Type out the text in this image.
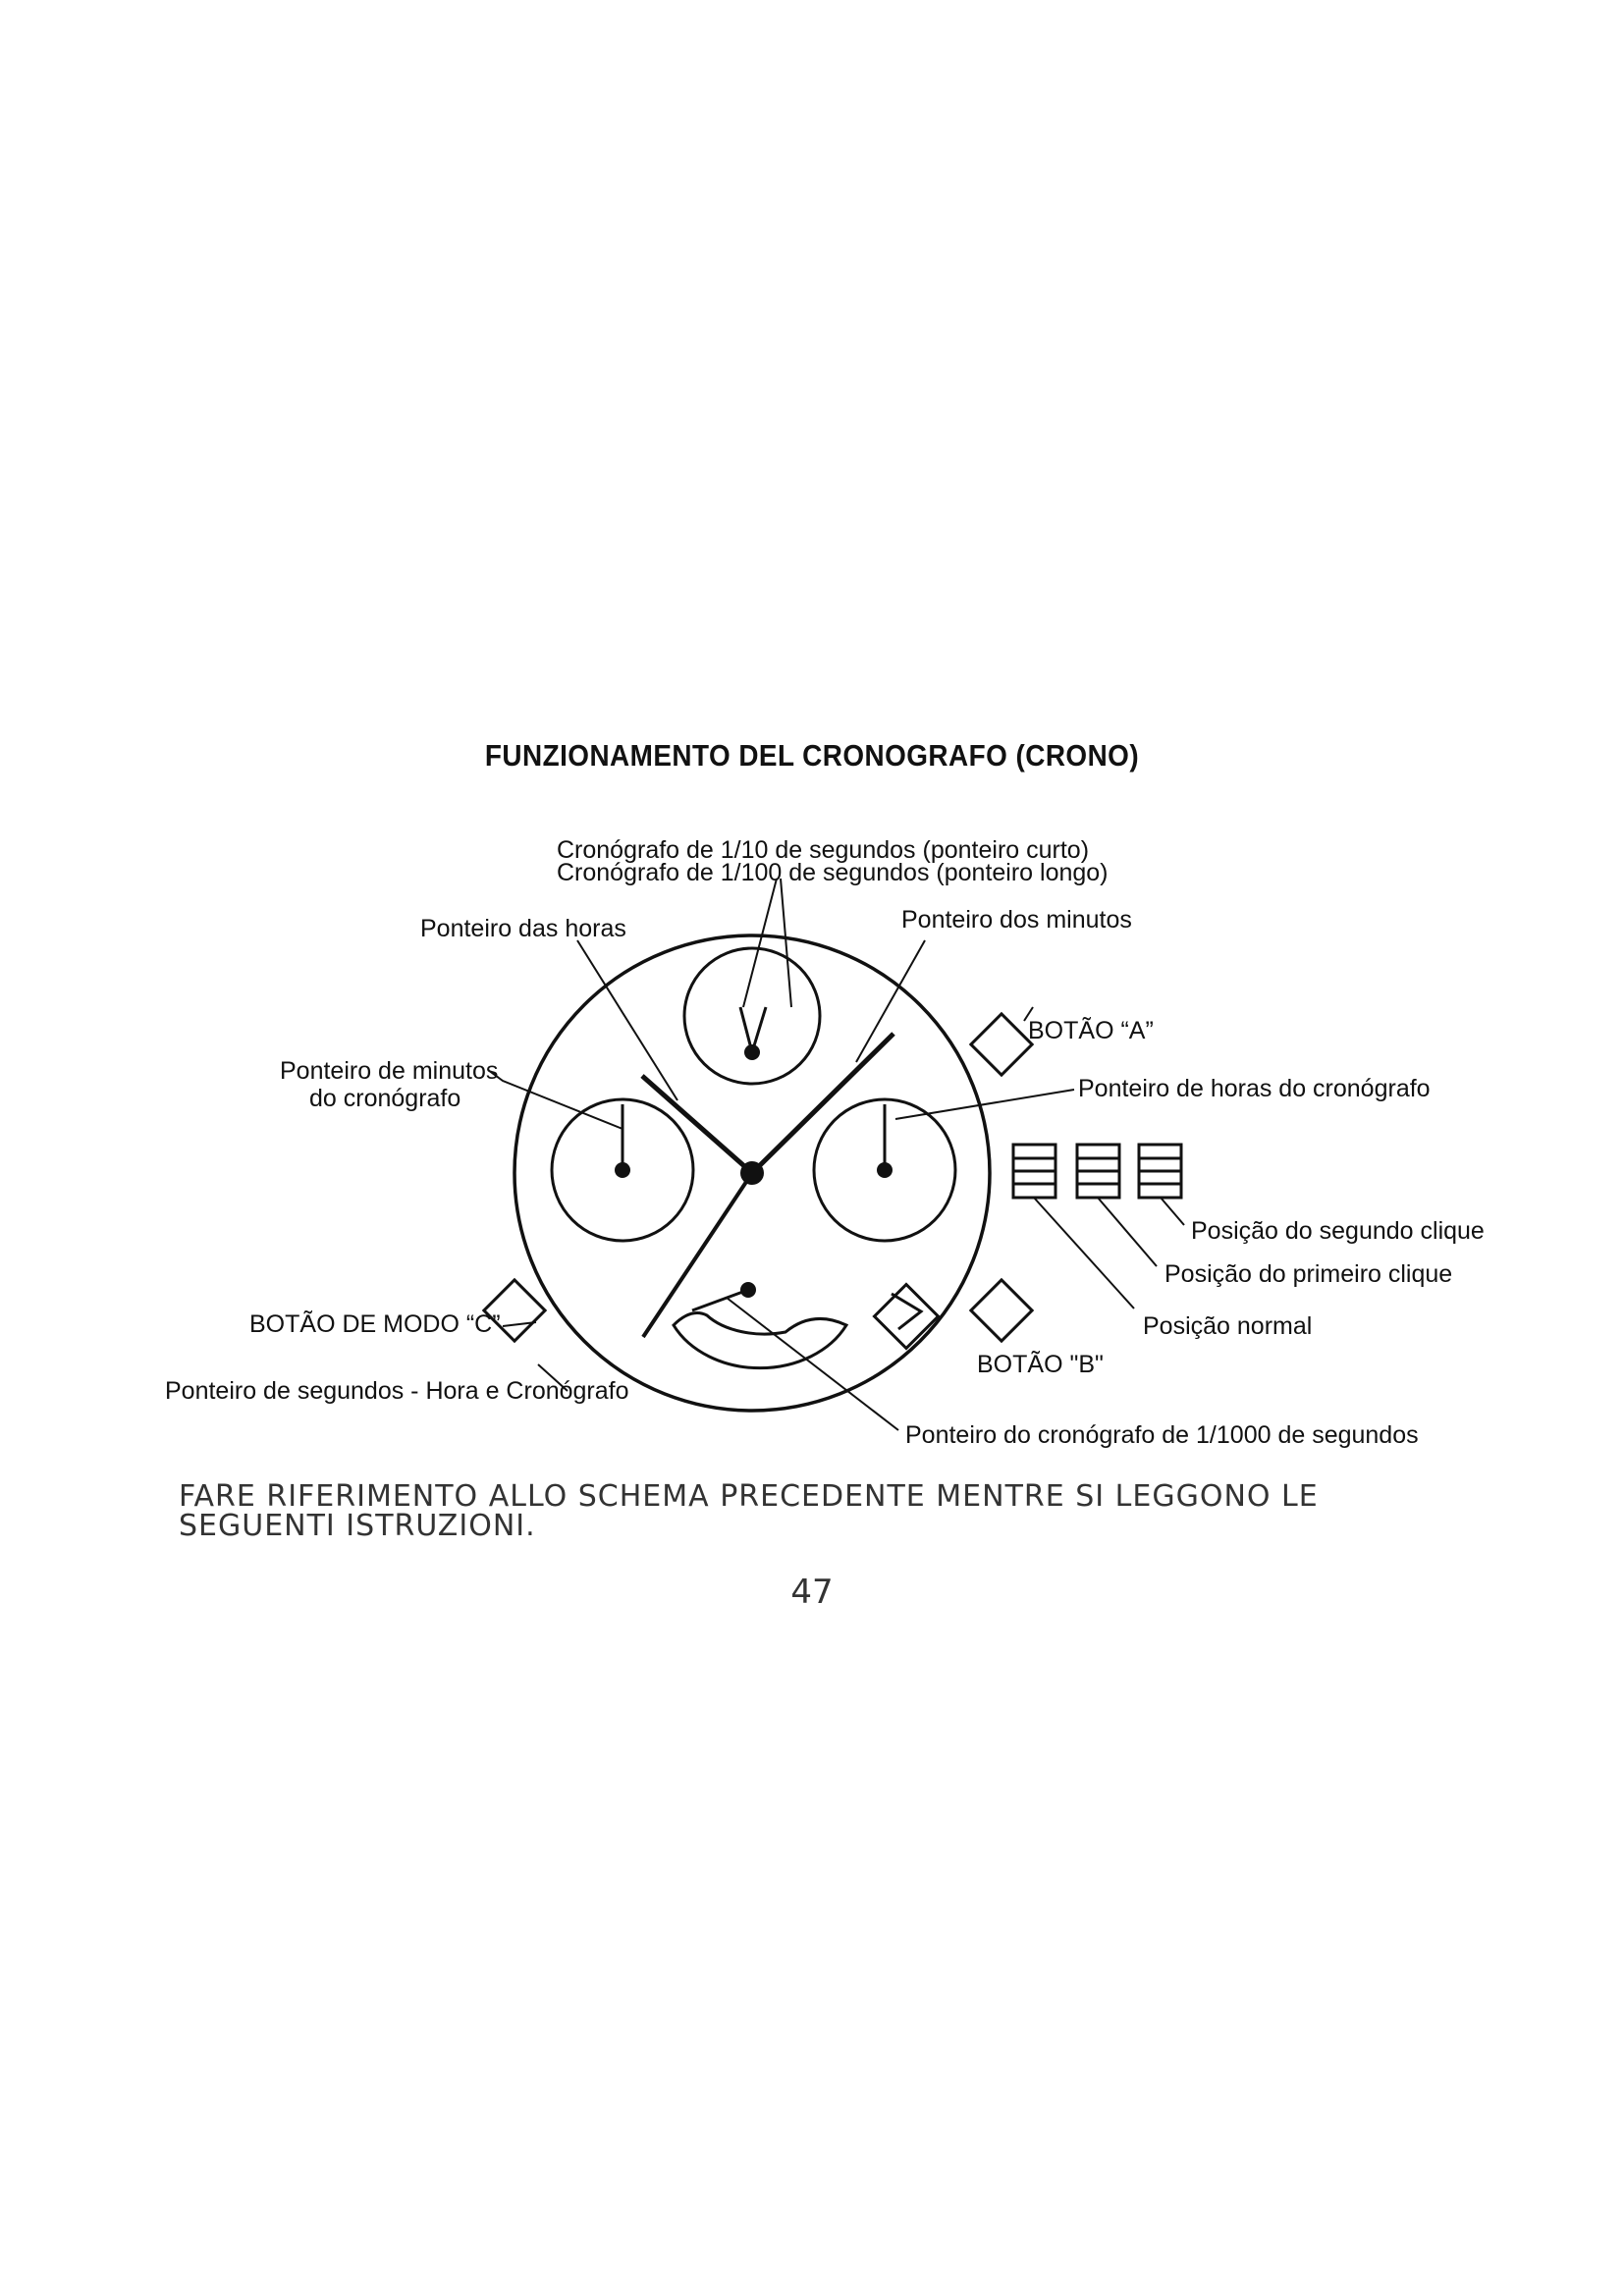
FUNZIONAMENTO DEL CRONOGRAFO (CRONO)
Cronógrafo de 1/10 de segundos (ponteiro curto)
Cronógrafo de 1/100 de segundos (ponteiro longo)
Ponteiro das horas	Ponteiro dos minutos
BOTÃO “A”
Ponteiro de minutos
do cronógrafo	Ponteiro de horas do cronógrafo
Posição do segundo clique
Posição do primeiro clique
Posição normal
BOTÃO DE MODO “C”
BOTÃO "B"
Ponteiro de segundos - Hora e Cronógrafo
Ponteiro do cronógrafo de 1/1000 de segundos

FARE RIFERIMENTO ALLO SCHEMA PRECEDENTE MENTRE SI LEGGONO LE SEGUENTI ISTRUZIONI.

47
